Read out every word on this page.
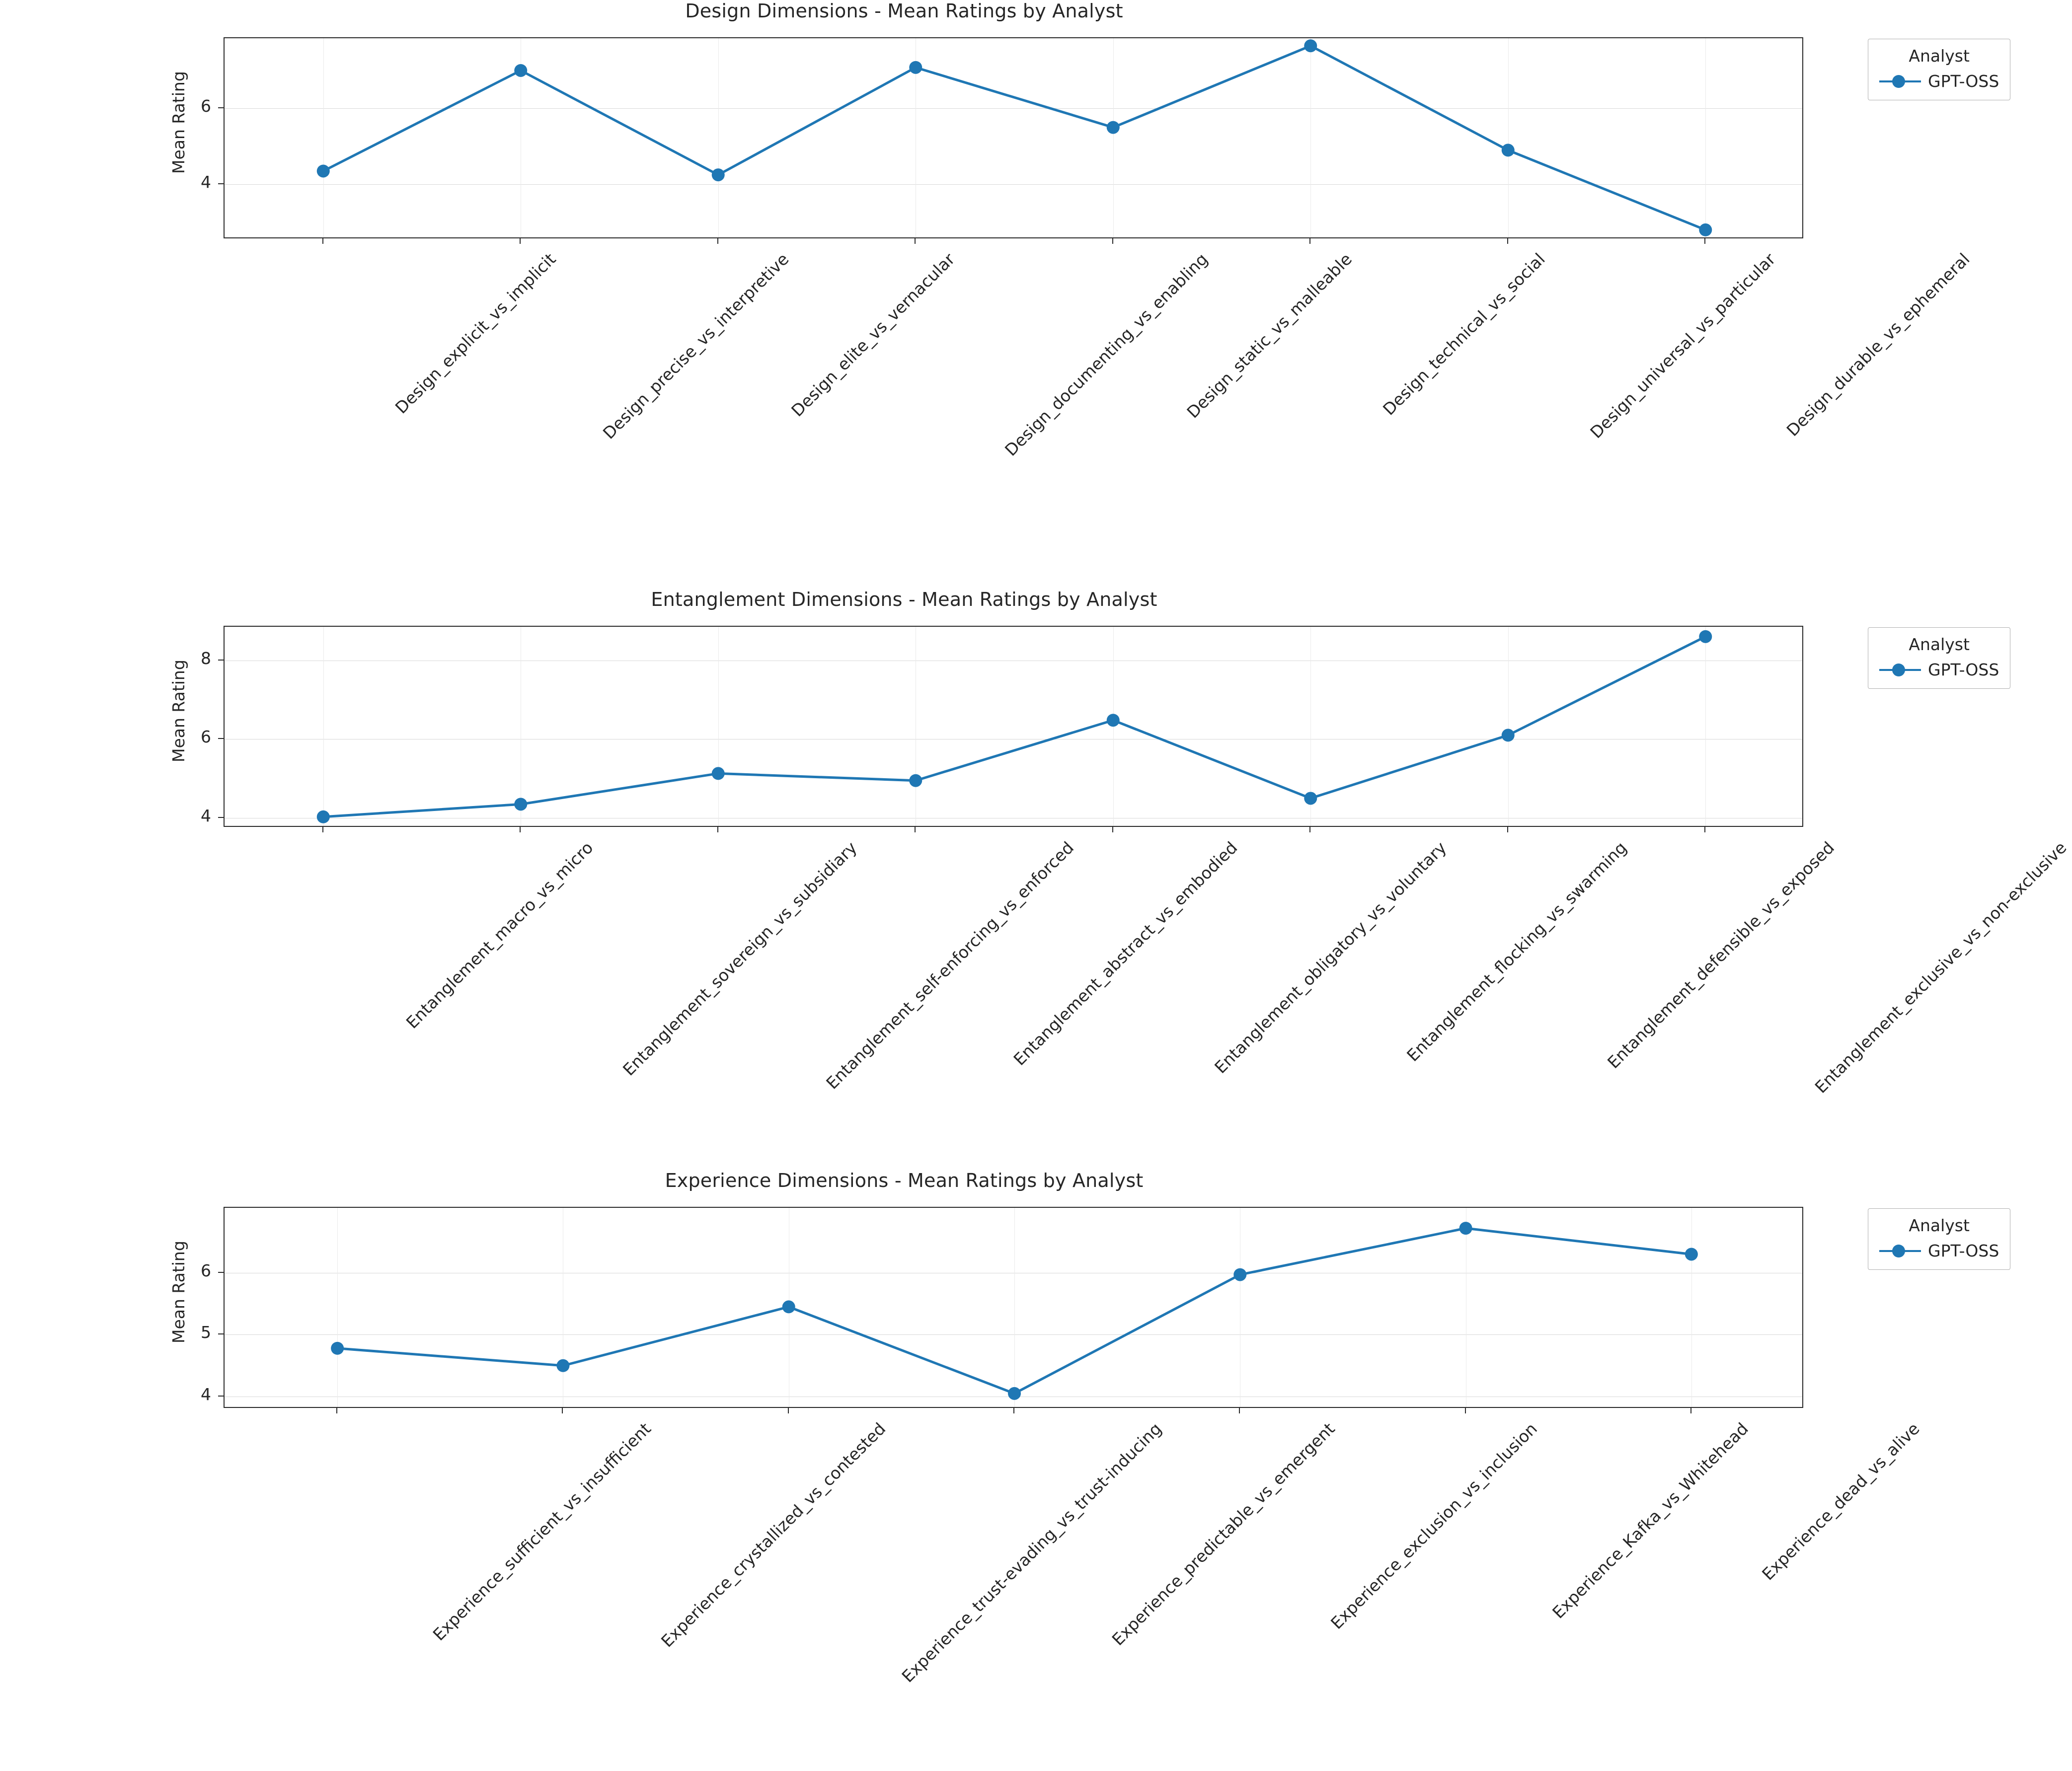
Design Dimensions - Mean Ratings by Analyst
Mean Rating
Analyst
GPT-OSS
4
6
Design_explicit_vs_implicit Design_precise_vs_interpretive
Design_elite_vs_vernacular	Design_documenting_vs_enabling
Design_static_vs_malleable Design_technical_vs_social Design_universal_vs_particular Design_durable_vs_ephemeral
Entanglement Dimensions - Mean Ratings by Analyst
Mean Rating
Analyst
GPT-OSS
4
6
8
Entanglement_macro_vs_micro Entanglement_sovereign_vs_subsidiary
Entanglement_self-enforcing_vs_enforced
Entanglement_abstract_vs_embodied
Entanglement_obligatory_vs_voluntary
Entanglement_flocking_vs_swarming
Entanglement_defensible_vs_exposed
Entanglement_exclusive_vs_non-exclusive
Experience Dimensions - Mean Ratings by Analyst
Mean Rating
Analyst
GPT-OSS
4
5
6
Experience_sufficient_vs_insufficient Experience_crystallized_vs_contested Experience_trust-evading_vs_trust-inducing
Experience_predictable_vs_emergent
Experience_exclusion_vs_inclusion Experience_Kafka_vs_Whitehead Experience_dead_vs_alive
